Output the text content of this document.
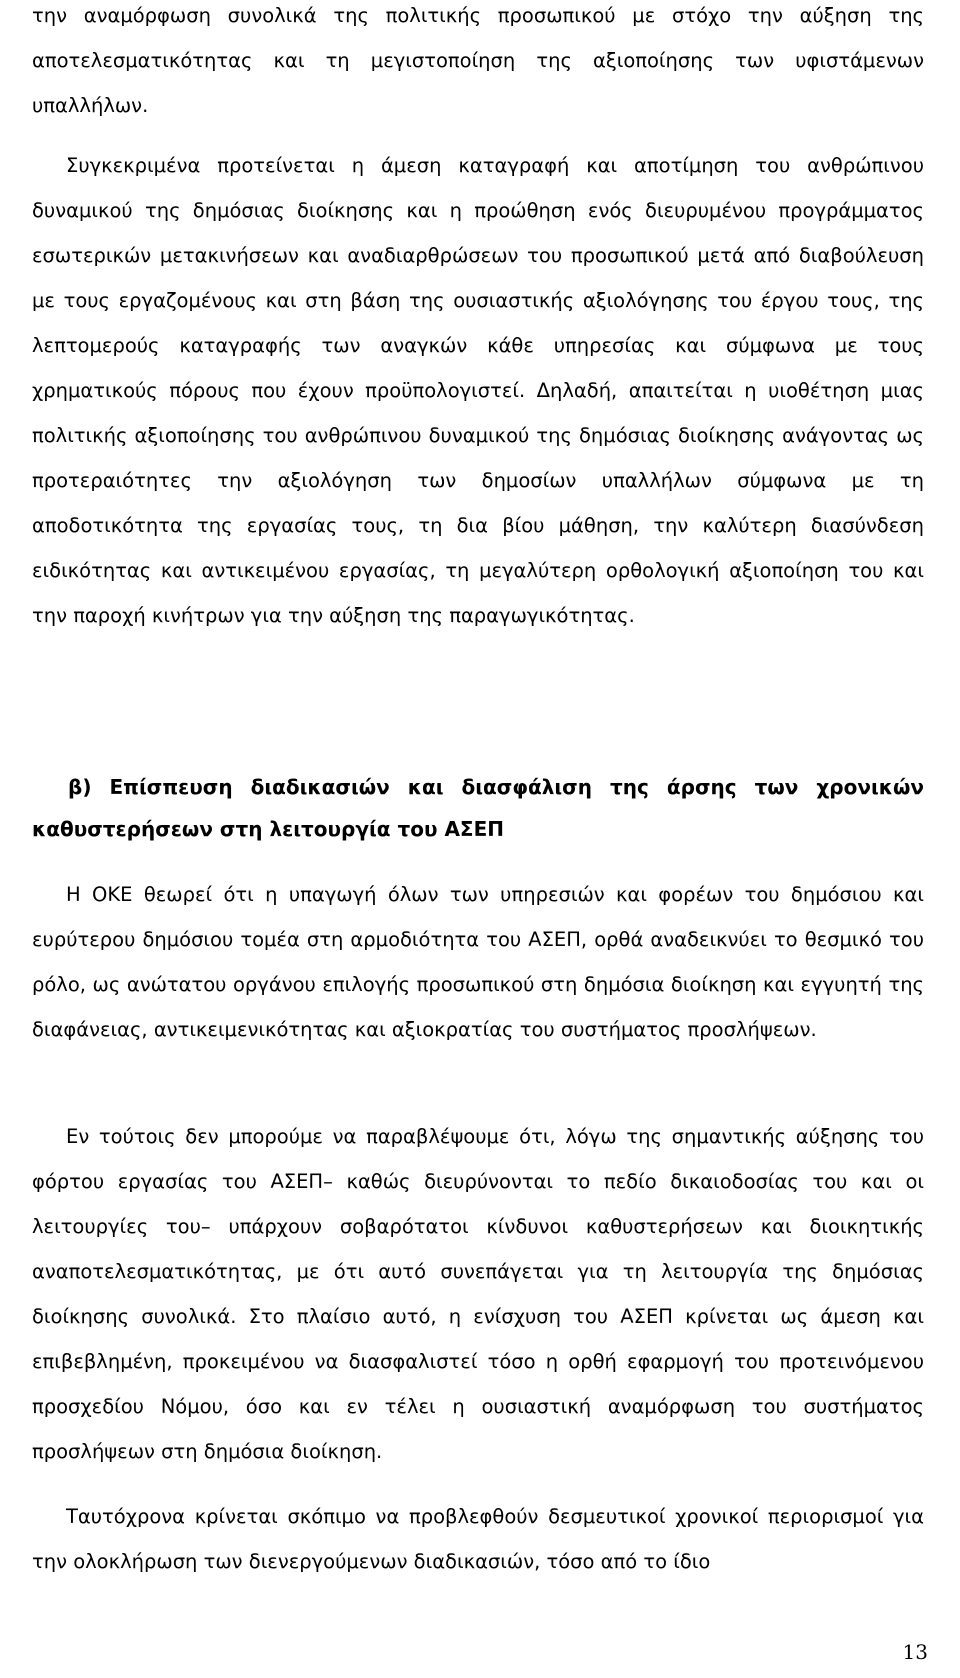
την αναμόρφωση συνολικά της πολιτικής προσωπικού με στόχο την αύξηση της αποτελεσματικότητας και τη μεγιστοποίηση της αξιοποίησης των υφιστάμενων υπαλλήλων.
Συγκεκριμένα προτείνεται η άμεση καταγραφή και αποτίμηση του ανθρώπινου δυναμικού της δημόσιας διοίκησης και η προώθηση ενός διευρυμένου προγράμματος εσωτερικών μετακινήσεων και αναδιαρθρώσεων του προσωπικού μετά από διαβούλευση με τους εργαζομένους και στη βάση της ουσιαστικής αξιολόγησης του έργου τους, της λεπτομερούς καταγραφής των αναγκών κάθε υπηρεσίας και σύμφωνα με τους χρηματικούς πόρους που έχουν προϋπολογιστεί. Δηλαδή, απαιτείται η υιοθέτηση μιας πολιτικής αξιοποίησης του ανθρώπινου δυναμικού της δημόσιας διοίκησης ανάγοντας ως προτεραιότητες την αξιολόγηση των δημοσίων υπαλλήλων σύμφωνα με τη αποδοτικότητα της εργασίας τους, τη δια βίου μάθηση, την καλύτερη διασύνδεση ειδικότητας και αντικειμένου εργασίας, τη μεγαλύτερη ορθολογική αξιοποίηση του και την παροχή κινήτρων για την αύξηση της παραγωγικότητας.
β) Επίσπευση διαδικασιών και διασφάλιση της άρσης των χρονικών καθυστερήσεων στη λειτουργία του ΑΣΕΠ
Η ΟΚΕ θεωρεί ότι η υπαγωγή όλων των υπηρεσιών και φορέων του δημόσιου και ευρύτερου δημόσιου τομέα στη αρμοδιότητα του ΑΣΕΠ, ορθά αναδεικνύει το θεσμικό του ρόλο, ως ανώτατου οργάνου επιλογής προσωπικού στη δημόσια διοίκηση και εγγυητή της διαφάνειας, αντικειμενικότητας και αξιοκρατίας του συστήματος προσλήψεων.
Εν τούτοις δεν μπορούμε να παραβλέψουμε ότι, λόγω της σημαντικής αύξησης του φόρτου εργασίας του ΑΣΕΠ– καθώς διευρύνονται το πεδίο δικαιοδοσίας του και οι λειτουργίες του– υπάρχουν σοβαρότατοι κίνδυνοι καθυστερήσεων και διοικητικής αναποτελεσματικότητας, με ότι αυτό συνεπάγεται για τη λειτουργία της δημόσιας διοίκησης συνολικά. Στο πλαίσιο αυτό, η ενίσχυση του ΑΣΕΠ κρίνεται ως άμεση και επιβεβλημένη, προκειμένου να διασφαλιστεί τόσο η ορθή εφαρμογή του προτεινόμενου προσχεδίου Νόμου, όσο και εν τέλει η ουσιαστική αναμόρφωση του συστήματος προσλήψεων στη δημόσια διοίκηση.
Ταυτόχρονα κρίνεται σκόπιμο να προβλεφθούν δεσμευτικοί χρονικοί περιορισμοί για την ολοκλήρωση των διενεργούμενων διαδικασιών, τόσο από το ίδιο
13
